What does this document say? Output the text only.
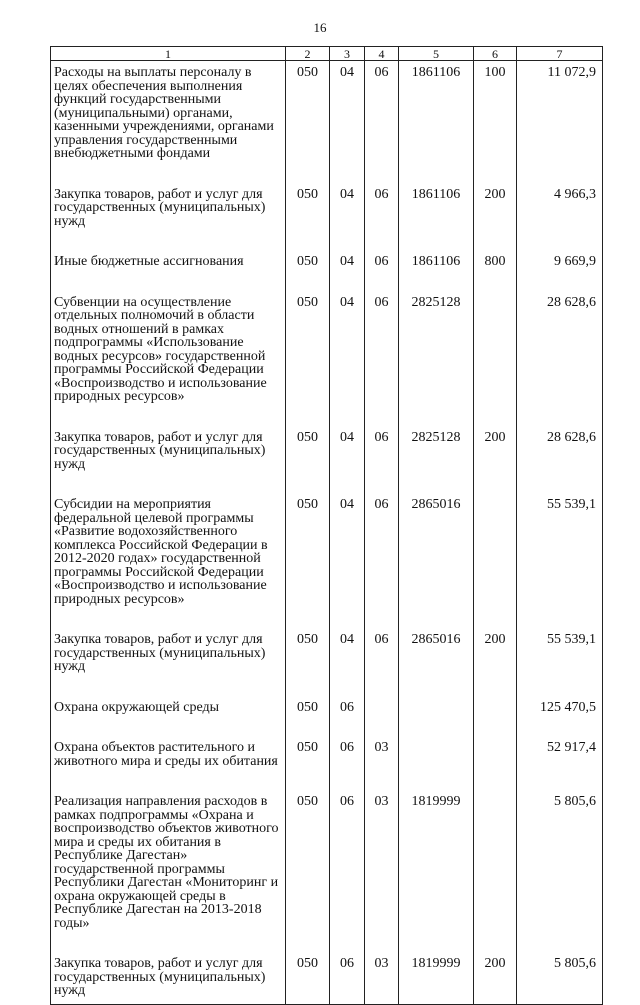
16
1	2	3	4	5	6	7
Расходы на выплаты персоналу в целях обеспечения выполнения функций государственными (муниципальными) органами, казенными учреждениями, органами управления государственными внебюджетными фондами	050	04	06	1861106	100	11 072,9
Закупка товаров, работ и услуг для государственных (муниципальных) нужд	050	04	06	1861106	200	4 966,3
Иные бюджетные ассигнования	050	04	06	1861106	800	9 669,9
Субвенции на осуществление отдельных полномочий в области водных отношений в рамках подпрограммы «Использование водных ресурсов» государственной программы Российской Федерации «Воспроизводство и использование природных ресурсов»	050	04	06	2825128		28 628,6
Закупка товаров, работ и услуг для государственных (муниципальных) нужд	050	04	06	2825128	200	28 628,6
Субсидии на мероприятия федеральной целевой программы «Развитие водохозяйственного комплекса Российской Федерации в 2012-2020 годах» государственной программы Российской Федерации «Воспроизводство и использование природных ресурсов»	050	04	06	2865016		55 539,1
Закупка товаров, работ и услуг для государственных (муниципальных) нужд	050	04	06	2865016	200	55 539,1
Охрана окружающей среды	050	06				125 470,5
Охрана объектов растительного и животного мира и среды их обитания	050	06	03			52 917,4
Реализация направления расходов в рамках подпрограммы «Охрана и воспроизводство объектов животного мира и среды их обитания в Республике Дагестан» государственной программы Республики Дагестан «Мониторинг и охрана окружающей среды в Республике Дагестан на 2013-2018 годы»	050	06	03	1819999		5 805,6
Закупка товаров, работ и услуг для государственных (муниципальных) нужд	050	06	03	1819999	200	5 805,6
